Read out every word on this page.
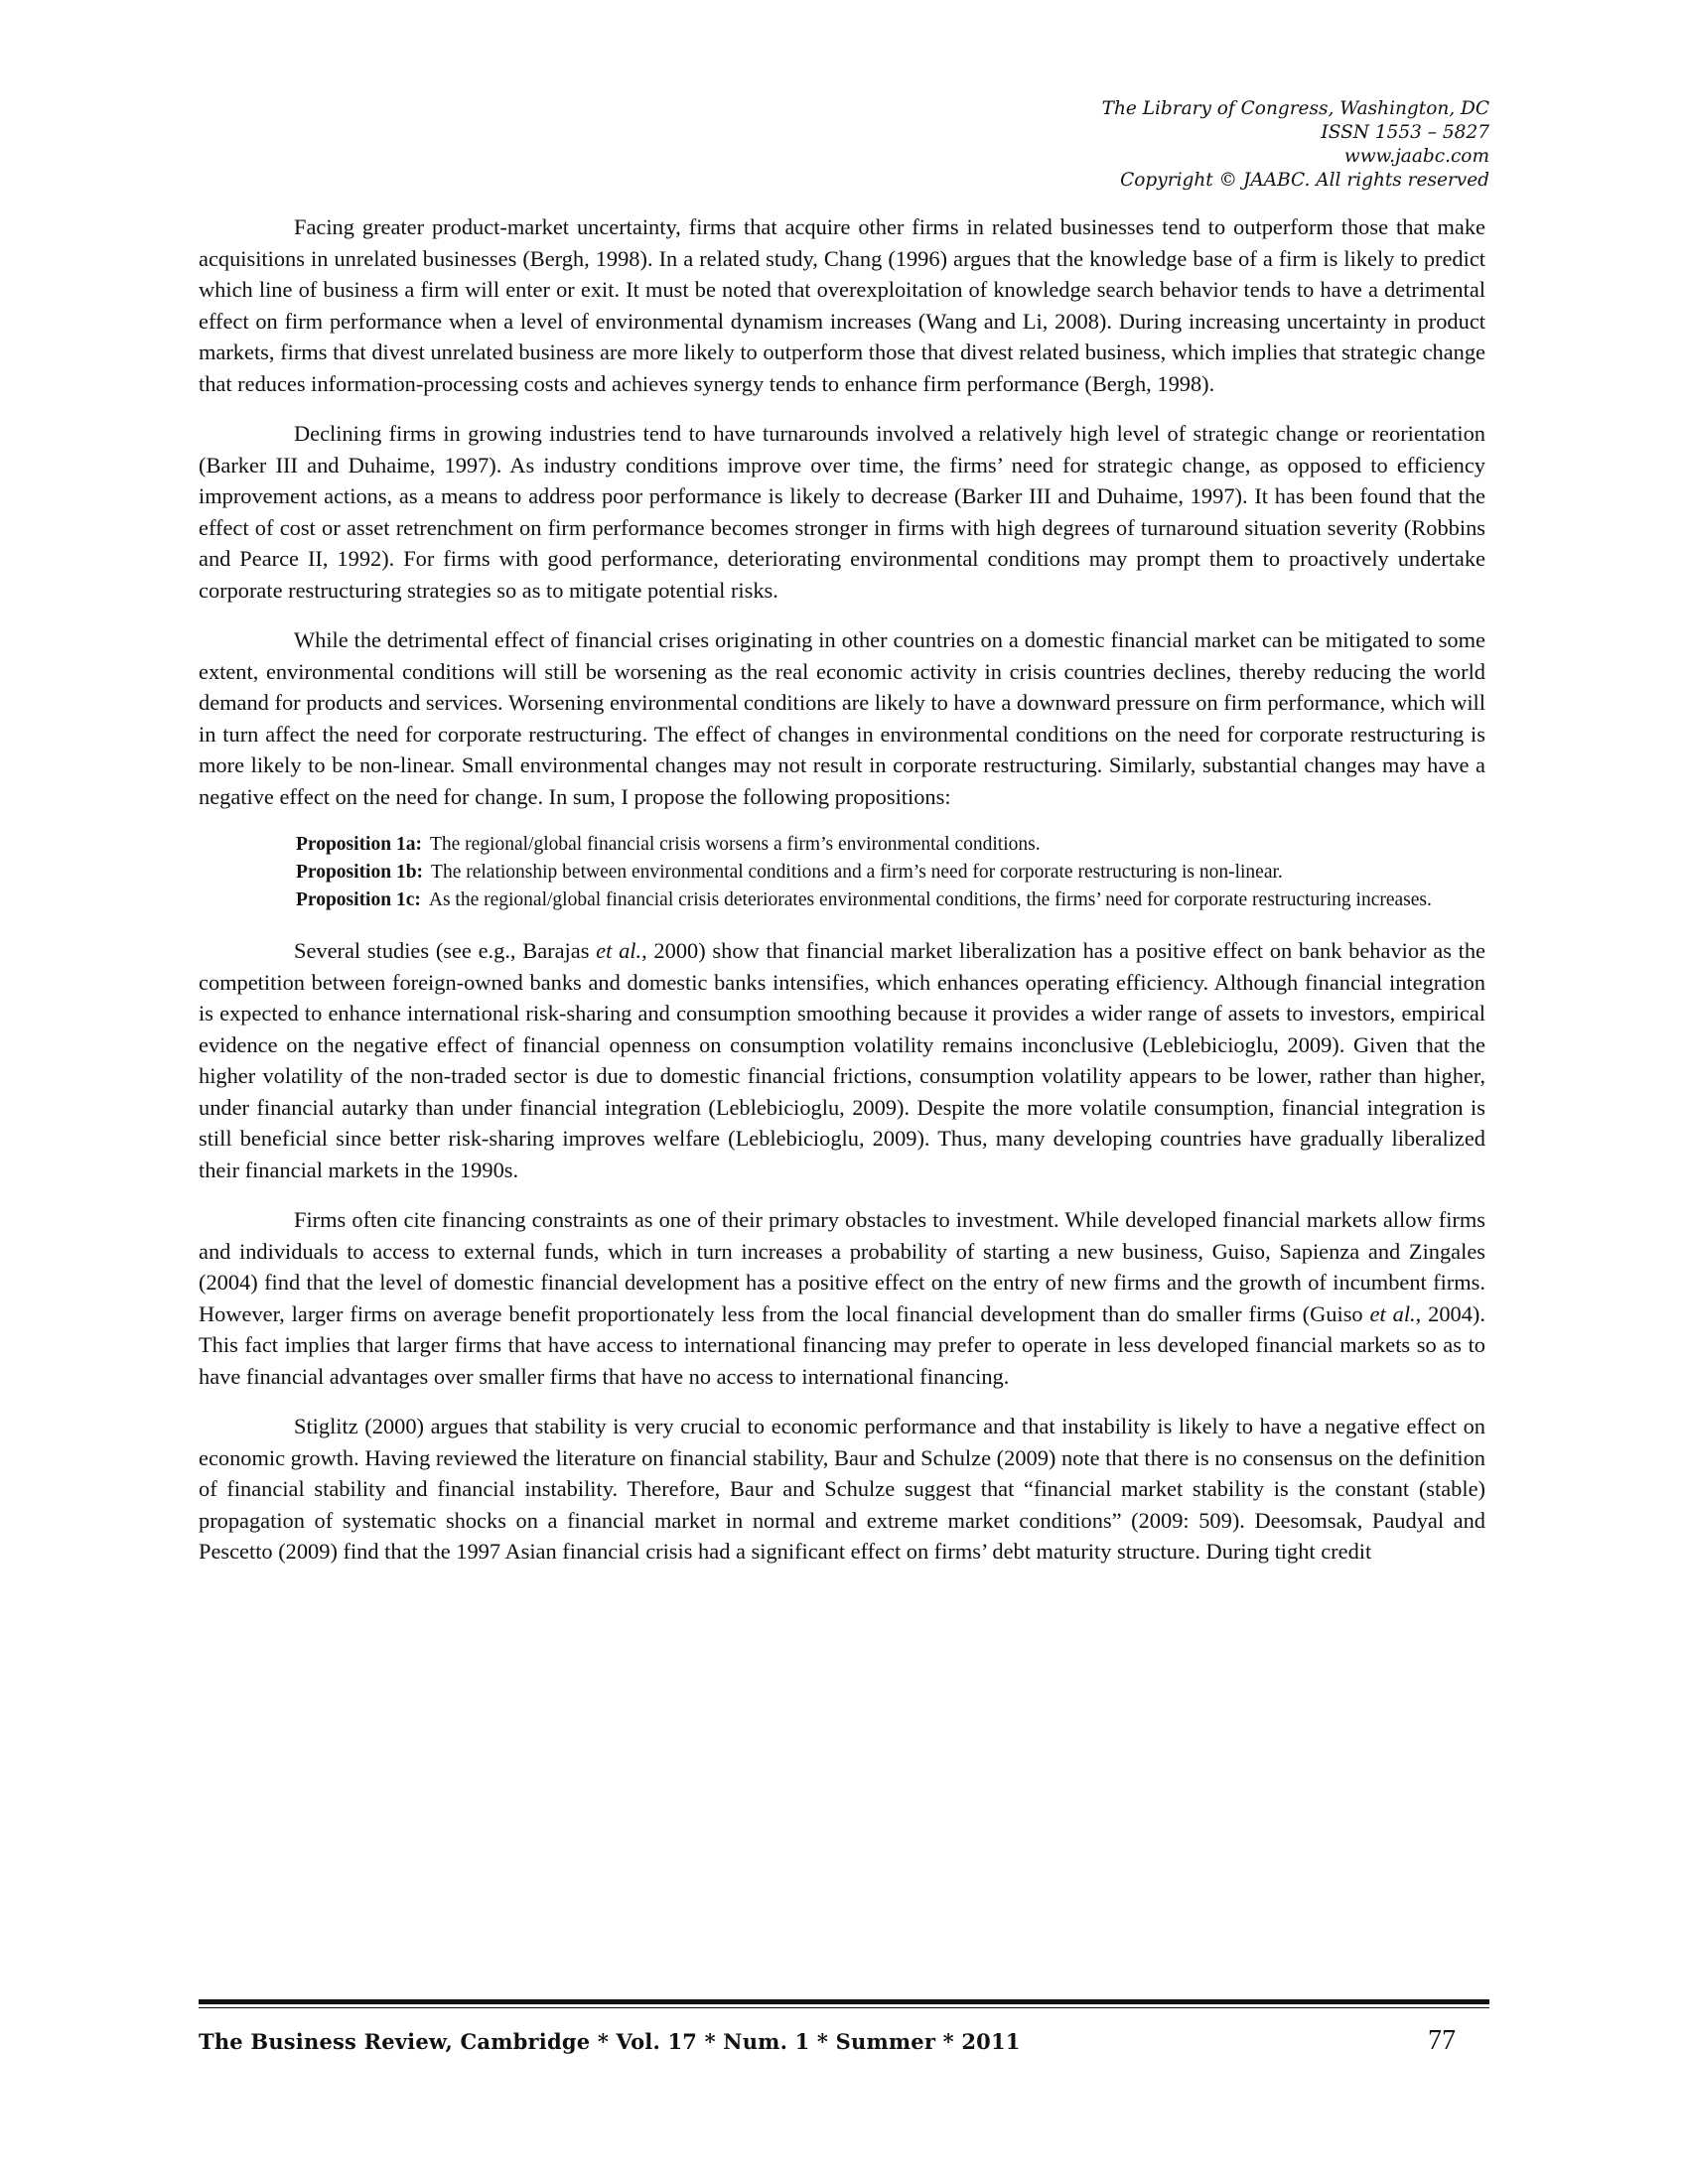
The Library of Congress, Washington, DC
ISSN 1553 – 5827
www.jaabc.com
Copyright © JAABC. All rights reserved

Facing greater product-market uncertainty, firms that acquire other firms in related businesses tend to outperform those that make acquisitions in unrelated businesses (Bergh, 1998). In a related study, Chang (1996) argues that the knowledge base of a firm is likely to predict which line of business a firm will enter or exit. It must be noted that overexploitation of knowledge search behavior tends to have a detrimental effect on firm performance when a level of environmental dynamism increases (Wang and Li, 2008). During increasing uncertainty in product markets, firms that divest unrelated business are more likely to outperform those that divest related business, which implies that strategic change that reduces information-processing costs and achieves synergy tends to enhance firm performance (Bergh, 1998).

Declining firms in growing industries tend to have turnarounds involved a relatively high level of strategic change or reorientation (Barker III and Duhaime, 1997). As industry conditions improve over time, the firms’ need for strategic change, as opposed to efficiency improvement actions, as a means to address poor performance is likely to decrease (Barker III and Duhaime, 1997). It has been found that the effect of cost or asset retrenchment on firm performance becomes stronger in firms with high degrees of turnaround situation severity (Robbins and Pearce II, 1992). For firms with good performance, deteriorating environmental conditions may prompt them to proactively undertake corporate restructuring strategies so as to mitigate potential risks.

While the detrimental effect of financial crises originating in other countries on a domestic financial market can be mitigated to some extent, environmental conditions will still be worsening as the real economic activity in crisis countries declines, thereby reducing the world demand for products and services. Worsening environmental conditions are likely to have a downward pressure on firm performance, which will in turn affect the need for corporate restructuring. The effect of changes in environmental conditions on the need for corporate restructuring is more likely to be non-linear. Small environmental changes may not result in corporate restructuring. Similarly, substantial changes may have a negative effect on the need for change. In sum, I propose the following propositions:

Proposition 1a: The regional/global financial crisis worsens a firm’s environmental conditions.
Proposition 1b: The relationship between environmental conditions and a firm’s need for corporate restructuring is non-linear.
Proposition 1c: As the regional/global financial crisis deteriorates environmental conditions, the firms’ need for corporate restructuring increases.

Several studies (see e.g., Barajas et al., 2000) show that financial market liberalization has a positive effect on bank behavior as the competition between foreign-owned banks and domestic banks intensifies, which enhances operating efficiency. Although financial integration is expected to enhance international risk-sharing and consumption smoothing because it provides a wider range of assets to investors, empirical evidence on the negative effect of financial openness on consumption volatility remains inconclusive (Leblebicioglu, 2009). Given that the higher volatility of the non-traded sector is due to domestic financial frictions, consumption volatility appears to be lower, rather than higher, under financial autarky than under financial integration (Leblebicioglu, 2009). Despite the more volatile consumption, financial integration is still beneficial since better risk-sharing improves welfare (Leblebicioglu, 2009). Thus, many developing countries have gradually liberalized their financial markets in the 1990s.

Firms often cite financing constraints as one of their primary obstacles to investment. While developed financial markets allow firms and individuals to access to external funds, which in turn increases a probability of starting a new business, Guiso, Sapienza and Zingales (2004) find that the level of domestic financial development has a positive effect on the entry of new firms and the growth of incumbent firms. However, larger firms on average benefit proportionately less from the local financial development than do smaller firms (Guiso et al., 2004). This fact implies that larger firms that have access to international financing may prefer to operate in less developed financial markets so as to have financial advantages over smaller firms that have no access to international financing.

Stiglitz (2000) argues that stability is very crucial to economic performance and that instability is likely to have a negative effect on economic growth. Having reviewed the literature on financial stability, Baur and Schulze (2009) note that there is no consensus on the definition of financial stability and financial instability. Therefore, Baur and Schulze suggest that “financial market stability is the constant (stable) propagation of systematic shocks on a financial market in normal and extreme market conditions” (2009: 509). Deesomsak, Paudyal and Pescetto (2009) find that the 1997 Asian financial crisis had a significant effect on firms’ debt maturity structure. During tight credit

The Business Review, Cambridge * Vol. 17 * Num. 1 * Summer * 2011	77
